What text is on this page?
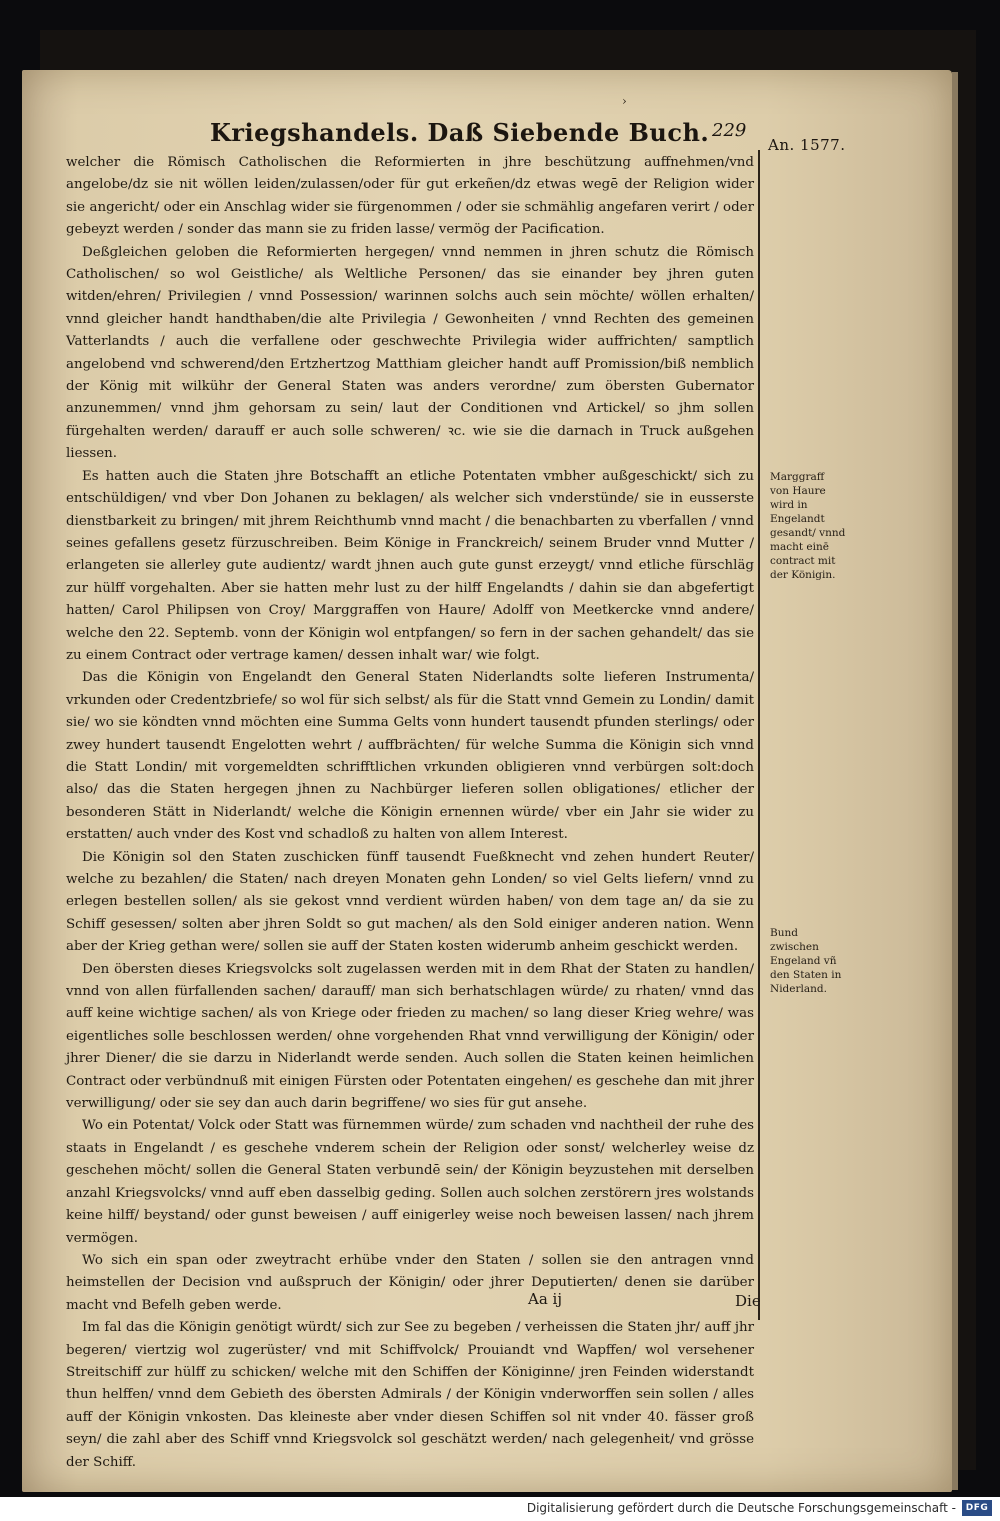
›
Kriegshandels. Daß Siebende Buch. 229
An. 1577.

welcher die Römisch Catholischen die Reformierten in jhre beschützung auffnehmen/vnd angelobe/dz sie nit wöllen leiden/zulassen/oder für gut erkeñen/dz etwas wegē der Religion wider sie angericht/ oder ein Anschlag wider sie fürgenommen / oder sie schmählig angefaren verirt / oder gebeyzt werden / sonder das mann sie zu friden lasse/ vermög der Pacification.

Deßgleichen geloben die Reformierten hergegen/ vnnd nemmen in jhren schutz die Römisch Catholischen/ so wol Geistliche/ als Weltliche Personen/ das sie einander bey jhren guten witden/ehren/ Privilegien / vnnd Possession/ warinnen solchs auch sein möchte/ wöllen erhalten/ vnnd gleicher handt handthaben/die alte Privilegia / Gewonheiten / vnnd Rechten des gemeinen Vatterlandts / auch die verfallene oder geschwechte Privilegia wider auffrichten/ samptlich angelobend vnd schwerend/den Ertzhertzog Matthiam gleicher handt auff Promission/biß nemblich der König mit wilkühr der General Staten was anders verordne/ zum öbersten Gubernator anzunemmen/ vnnd jhm gehorsam zu sein/ laut der Conditionen vnd Artickel/ so jhm sollen fürgehalten werden/ darauff er auch solle schweren/ ꝛc. wie sie die darnach in Truck außgehen liessen.

Es hatten auch die Staten jhre Botschafft an etliche Potentaten vmbher außgeschickt/ sich zu entschüldigen/ vnd vber Don Johanen zu beklagen/ als welcher sich vnderstünde/ sie in eusserste dienstbarkeit zu bringen/ mit jhrem Reichthumb vnnd macht / die benachbarten zu vberfallen / vnnd seines gefallens gesetz fürzuschreiben. Beim Könige in Franckreich/ seinem Bruder vnnd Mutter / erlangeten sie allerley gute audientz/ wardt jhnen auch gute gunst erzeygt/ vnnd etliche fürschläg zur hülff vorgehalten. Aber sie hatten mehr lust zu der hilff Engelandts / dahin sie dan abgefertigt hatten/ Carol Philipsen von Croy/ Marggraffen von Haure/ Adolff von Meetkercke vnnd andere/ welche den 22. Septemb. vonn der Königin wol entpfangen/ so fern in der sachen gehandelt/ das sie zu einem Contract oder vertrage kamen/ dessen inhalt war/ wie folgt.

Das die Königin von Engelandt den General Staten Niderlandts solte lieferen Instrumenta/ vrkunden oder Credentzbriefe/ so wol für sich selbst/ als für die Statt vnnd Gemein zu Londin/ damit sie/ wo sie köndten vnnd möchten eine Summa Gelts vonn hundert tausendt pfunden sterlings/ oder zwey hundert tausendt Engelotten wehrt / auffbrächten/ für welche Summa die Königin sich vnnd die Statt Londin/ mit vorgemeldten schrifftlichen vrkunden obligieren vnnd verbürgen solt:doch also/ das die Staten hergegen jhnen zu Nachbürger lieferen sollen obligationes/ etlicher der besonderen Stätt in Niderlandt/ welche die Königin ernennen würde/ vber ein Jahr sie wider zu erstatten/ auch vnder des Kost vnd schadloß zu halten von allem Interest.

Die Königin sol den Staten zuschicken fünff tausendt Fueßknecht vnd zehen hundert Reuter/ welche zu bezahlen/ die Staten/ nach dreyen Monaten gehn Londen/ so viel Gelts liefern/ vnnd zu erlegen bestellen sollen/ als sie gekost vnnd verdient würden haben/ von dem tage an/ da sie zu Schiff gesessen/ solten aber jhren Soldt so gut machen/ als den Sold einiger anderen nation. Wenn aber der Krieg gethan were/ sollen sie auff der Staten kosten widerumb anheim geschickt werden.

Den öbersten dieses Kriegsvolcks solt zugelassen werden mit in dem Rhat der Staten zu handlen/ vnnd von allen fürfallenden sachen/ darauff/ man sich berhatschlagen würde/ zu rhaten/ vnnd das auff keine wichtige sachen/ als von Kriege oder frieden zu machen/ so lang dieser Krieg wehre/ was eigentliches solle beschlossen werden/ ohne vorgehenden Rhat vnnd verwilligung der Königin/ oder jhrer Diener/ die sie darzu in Niderlandt werde senden. Auch sollen die Staten keinen heimlichen Contract oder verbündnuß mit einigen Fürsten oder Potentaten eingehen/ es geschehe dan mit jhrer verwilligung/ oder sie sey dan auch darin begriffene/ wo sies für gut ansehe.

Wo ein Potentat/ Volck oder Statt was fürnemmen würde/ zum schaden vnd nachtheil der ruhe des staats in Engelandt / es geschehe vnderem schein der Religion oder sonst/ welcherley weise dz geschehen möcht/ sollen die General Staten verbundē sein/ der Königin beyzustehen mit derselben anzahl Kriegsvolcks/ vnnd auff eben dasselbig geding. Sollen auch solchen zerstörern jres wolstands keine hilff/ beystand/ oder gunst beweisen / auff einigerley weise noch beweisen lassen/ nach jhrem vermögen.

Wo sich ein span oder zweytracht erhübe vnder den Staten / sollen sie den antragen vnnd heimstellen der Decision vnd außspruch der Königin/ oder jhrer Deputierten/ denen sie darüber macht vnd Befelh geben werde.

Im fal das die Königin genötigt würdt/ sich zur See zu begeben / verheissen die Staten jhr/ auff jhr begeren/ viertzig wol zugerüster/ vnd mit Schiffvolck/ Prouiandt vnd Wapffen/ wol versehener Streitschiff zur hülff zu schicken/ welche mit den Schiffen der Königinne/ jren Feinden widerstandt thun helffen/ vnnd dem Gebieth des öbersten Admirals / der Königin vnderworffen sein sollen / alles auff der Königin vnkosten. Das kleineste aber vnder diesen Schiffen sol nit vnder 40. fässer groß seyn/ die zahl aber des Schiff vnnd Kriegsvolck sol geschätzt werden/ nach gelegenheit/ vnd grösse der Schiff.

Marggraff von Haure wird in Engelandt gesandt/ vnnd macht einē contract mit der Königin.
Bund zwischen Engeland vñ den Staten in Niderland.
Aa ij	Die
Digitalisierung gefördert durch die Deutsche Forschungsgemeinschaft -	DFG
